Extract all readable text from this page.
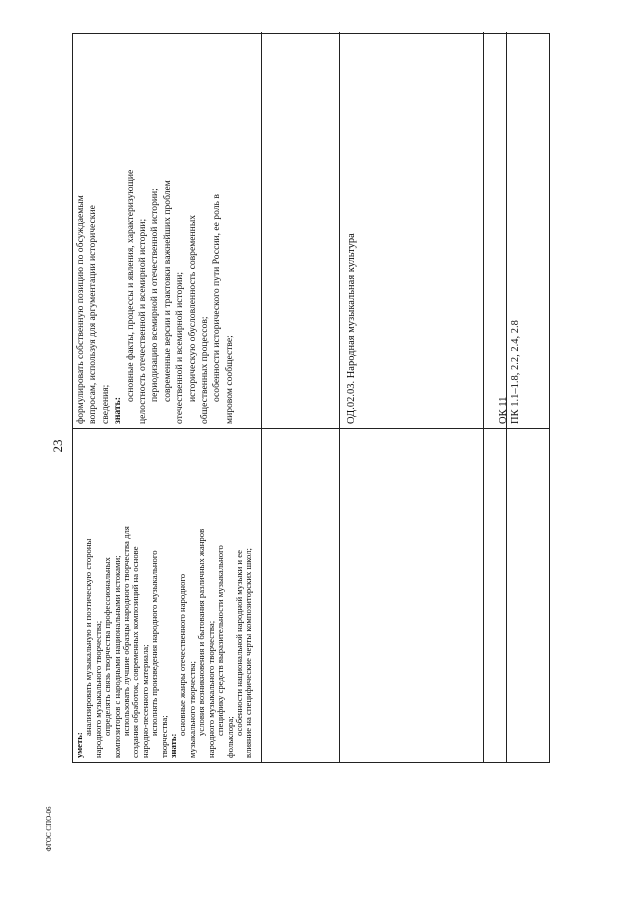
23

формулировать собственную позицию по обсуждаемым вопросам, используя для аргументации исторические сведения; знать:

основные факты, процессы и явления, характеризующие целостность отечественной и всемирной истории; периодизацию всемирной и отечественной истории; современные версии и трактовки важнейших проблем отечественной и всемирной истории; историческую обусловленность современных общественных процессов; особенности исторического пути России, ее роль в мировом сообществе;

уметь:

анализировать музыкальную и поэтическую стороны народного музыкального творчества; определять связь творчества профессиональных композиторов с народными национальными истоками; использовать лучшие образцы народного творчества для создания обработок, современных композиций на основе народно-песенного материала; исполнять произведения народного музыкального

творчества; знать:

основные жанры отечественного народного музыкального творчества; условия возникновения и бытования различных жанров народного музыкального творчества; специфику средств выразительности музыкального

фольклора;

особенности национальной народной музыки и ее влияние на специфические черты композиторских школ;

ОД.02.03. Народная музыкальная культура	ОК 11
ПК 1.1–1.8, 2.2, 2.4, 2.8

ФГОС СПО-06
